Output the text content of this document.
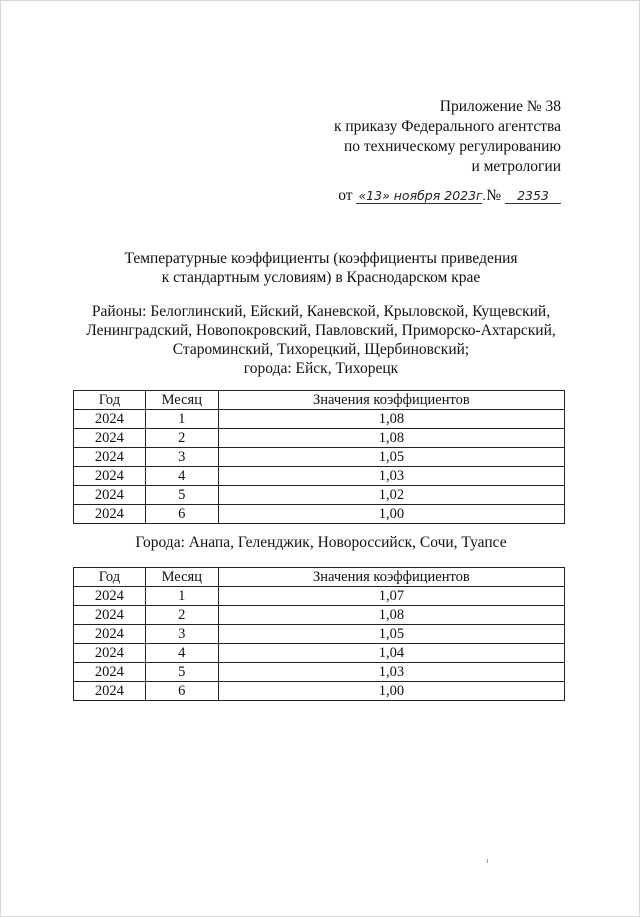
Приложение № 38
к приказу Федерального агентства
по техническому регулированию
и метрологии
от «13» ноября 2023г. № 2353
Температурные коэффициенты (коэффициенты приведения
к стандартным условиям) в Краснодарском крае
Районы: Белоглинский, Ейский, Каневской, Крыловской, Кущевский,
Ленинградский, Новопокровский, Павловский, Приморско-Ахтарский,
Староминский, Тихорецкий, Щербиновский;
города: Ейск, Тихорецк
Год	Месяц	Значения коэффициентов
2024	1	1,08
2024	2	1,08
2024	3	1,05
2024	4	1,03
2024	5	1,02
2024	6	1,00
Города: Анапа, Геленджик, Новороссийск, Сочи, Туапсе
Год	Месяц	Значения коэффициентов
2024	1	1,07
2024	2	1,08
2024	3	1,05
2024	4	1,04
2024	5	1,03
2024	6	1,00
